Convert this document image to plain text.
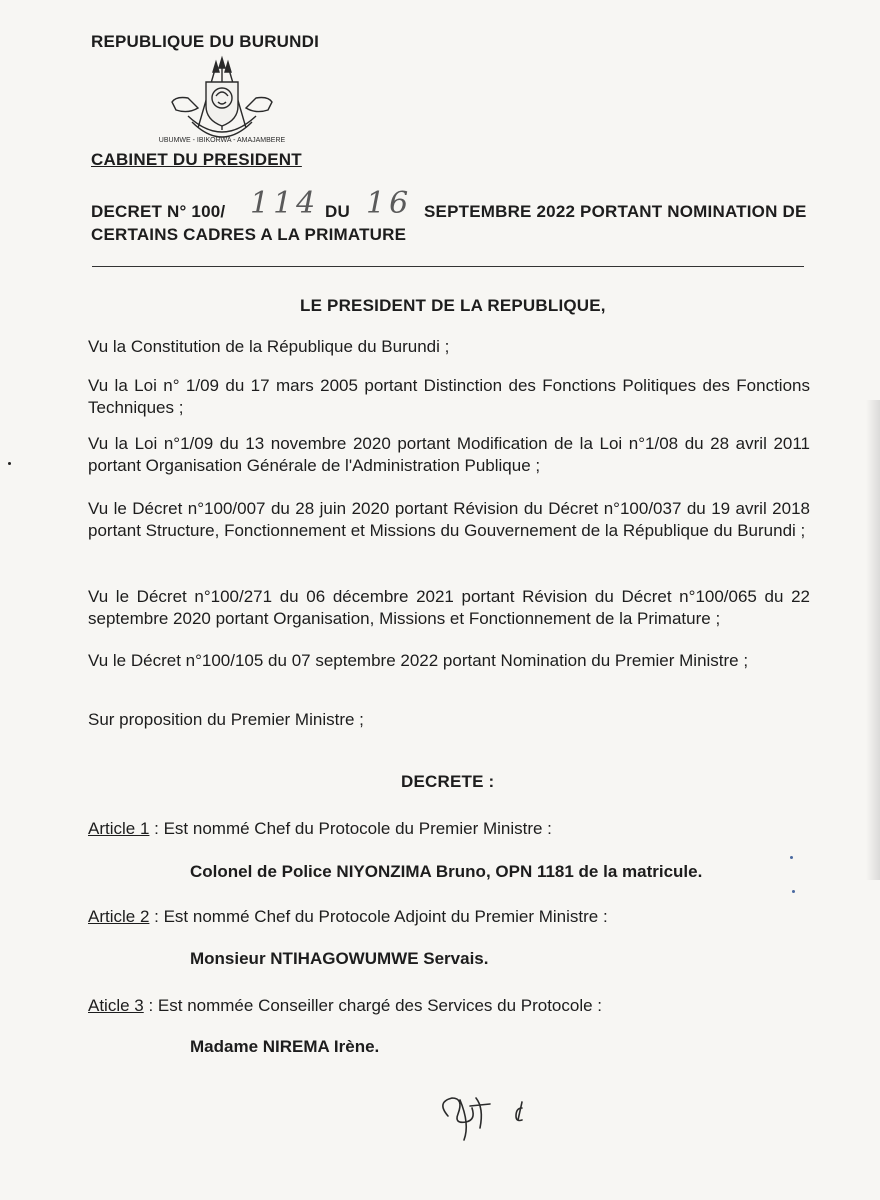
REPUBLIQUE DU BURUNDI
UBUMWE - IBIKORWA - AMAJAMBERE
CABINET DU PRESIDENT
DECRET N° 100/ 114 DU 16 SEPTEMBRE 2022 PORTANT NOMINATION DE
CERTAINS CADRES A LA PRIMATURE
LE PRESIDENT DE LA REPUBLIQUE,
Vu la Constitution de la République du Burundi ;
Vu la Loi n° 1/09 du 17 mars 2005 portant Distinction des Fonctions Politiques des Fonctions Techniques ;
Vu la Loi n°1/09 du 13 novembre 2020 portant Modification de la Loi n°1/08 du 28 avril 2011 portant Organisation Générale de l'Administration Publique ;
Vu le Décret n°100/007 du 28 juin 2020 portant Révision du Décret n°100/037 du 19 avril 2018 portant Structure, Fonctionnement et Missions du Gouvernement de la République du Burundi ;
Vu le Décret n°100/271 du 06 décembre 2021 portant Révision du Décret n°100/065 du 22 septembre 2020 portant Organisation, Missions et Fonctionnement de la Primature ;
Vu le Décret n°100/105 du 07 septembre 2022 portant Nomination du Premier Ministre ;
Sur proposition du Premier Ministre ;
DECRETE :
Article 1 : Est nommé Chef du Protocole du Premier Ministre :
Colonel de Police NIYONZIMA Bruno, OPN 1181 de la matricule.
Article 2 : Est nommé Chef du Protocole Adjoint du Premier Ministre :
Monsieur NTIHAGOWUMWE Servais.
Aticle 3 : Est nommée Conseiller chargé des Services du Protocole :
Madame NIREMA Irène.
